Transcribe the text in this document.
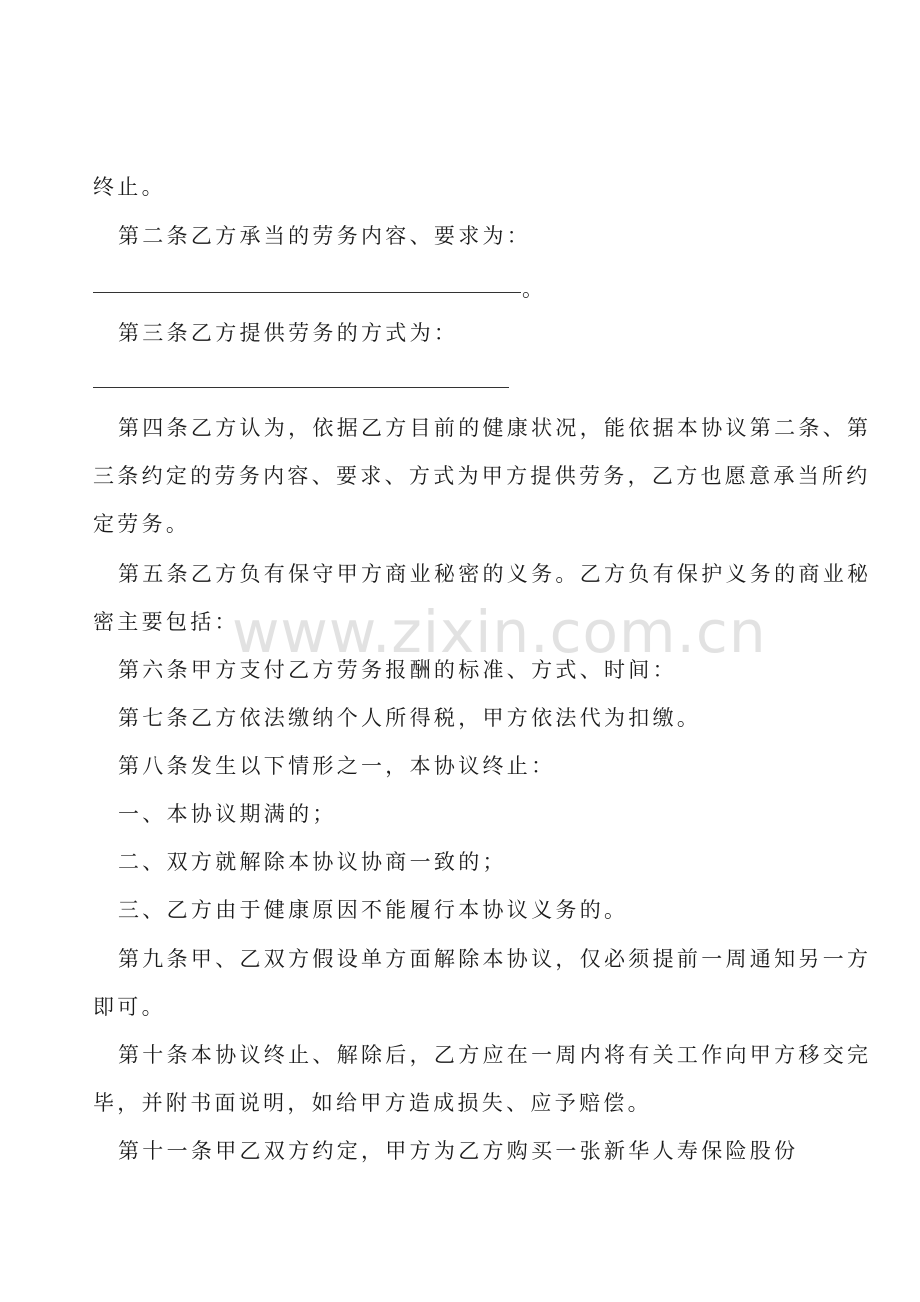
终止。
第二条乙方承当的劳务内容、要求为：
。
第三条乙方提供劳务的方式为：
第四条乙方认为，依据乙方目前的健康状况，能依据本协议第二条、第
三条约定的劳务内容、要求、方式为甲方提供劳务，乙方也愿意承当所约
定劳务。
第五条乙方负有保守甲方商业秘密的义务。乙方负有保护义务的商业秘
密主要包括：
第六条甲方支付乙方劳务报酬的标准、方式、时间：
第七条乙方依法缴纳个人所得税，甲方依法代为扣缴。
第八条发生以下情形之一，本协议终止：
一、本协议期满的；
二、双方就解除本协议协商一致的；
三、乙方由于健康原因不能履行本协议义务的。
第九条甲、乙双方假设单方面解除本协议，仅必须提前一周通知另一方
即可。
第十条本协议终止、解除后，乙方应在一周内将有关工作向甲方移交完
毕，并附书面说明，如给甲方造成损失、应予赔偿。
第十一条甲乙双方约定，甲方为乙方购买一张新华人寿保险股份
www.zixin.com.cn
